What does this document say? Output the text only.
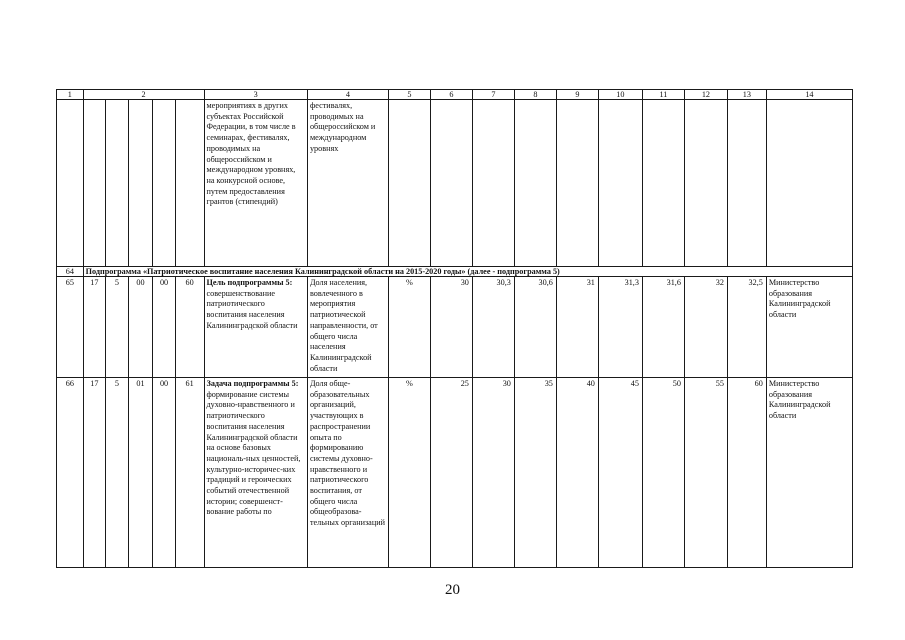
1	2					3	4	5	6	7	8	9	10	11	12	13	14
						мероприятиях в других субъектах Российской Федерации, в том числе в семинарах, фестивалях, проводимых на общероссийском и международном уровнях, на конкурсной основе, путем предоставления грантов (стипендий)	фестивалях, проводимых на общероссийском и международном уровнях										
64	Подпрограмма «Патриотическое воспитание населения Калининградской области на 2015-2020 годы» (далее - подпрограмма 5)																
65	17	5	00	00	60	Цель подпрограммы 5: совершенствование патриотического воспитания населения Калининградской области	Доля населения, вовлеченного в мероприятия патриотической направленности, от общего числа населения Калининградской области	%	30	30,3	30,6	31	31,3	31,6	32	32,5	Министерство образования Калининградской области
66	17	5	01	00	61	Задача подпрограммы 5: формирование системы духовно-нравственного и патриотического воспитания населения Калининградской области на основе базовых националь-ных ценностей, культурно-историчес-ких традиций и героических событий отечественной истории; совершенст-вование работы по	Доля обще-образовательных организаций, участвующих в распространении опыта по формированию системы духовно-нравственного и патриотического воспитания, от общего числа общеобразова-тельных организаций	%	25	30	35	40	45	50	55	60	Министерство образования Калининградской области
20
